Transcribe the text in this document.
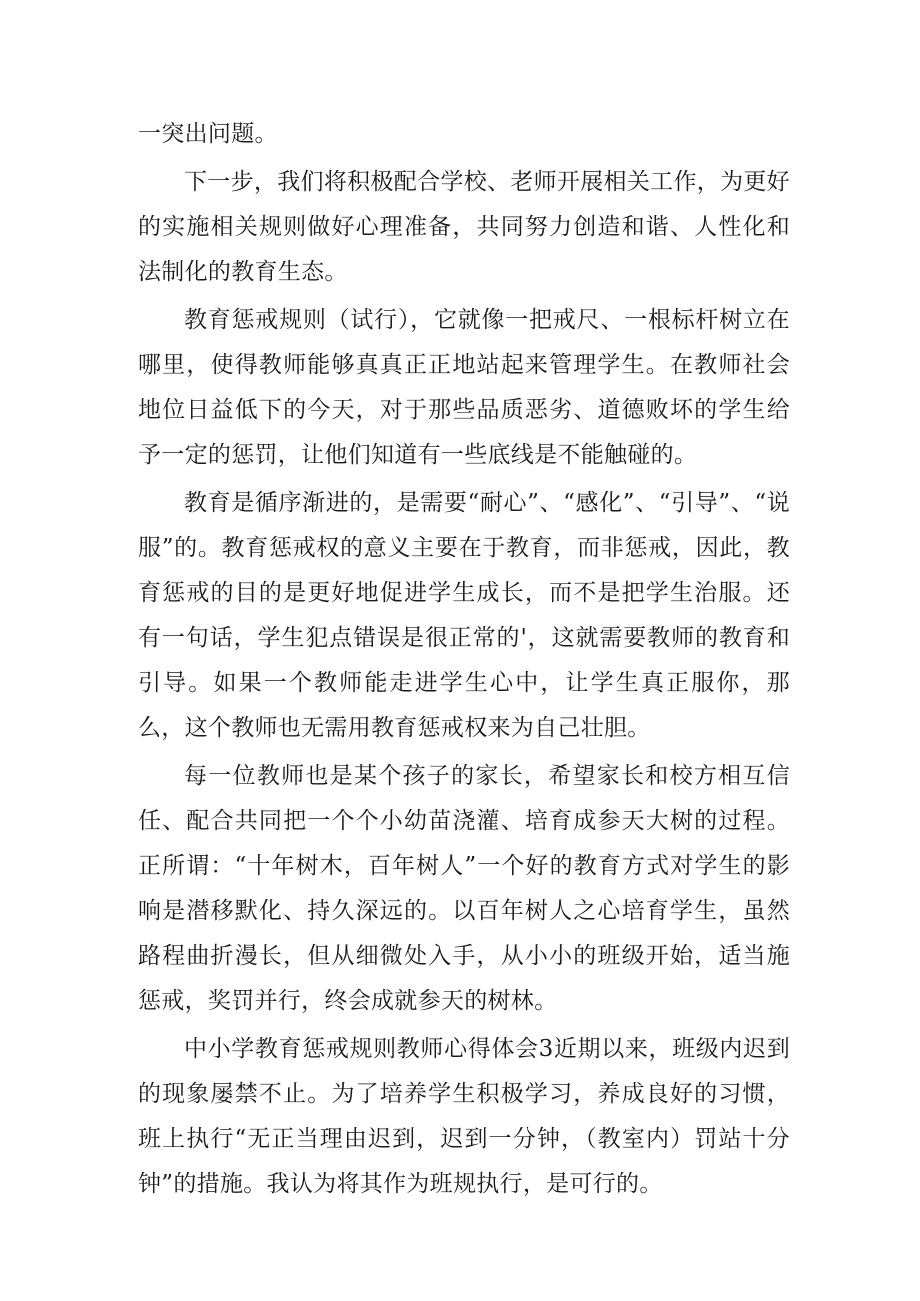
一突出问题。

下一步，我们将积极配合学校、老师开展相关工作，为更好的实施相关规则做好心理准备，共同努力创造和谐、人性化和法制化的教育生态。

教育惩戒规则（试行），它就像一把戒尺、一根标杆树立在哪里，使得教师能够真真正正地站起来管理学生。在教师社会地位日益低下的今天，对于那些品质恶劣、道德败坏的学生给予一定的惩罚，让他们知道有一些底线是不能触碰的。

教育是循序渐进的，是需要“耐心”、“感化”、“引导”、“说服”的。教育惩戒权的意义主要在于教育，而非惩戒，因此，教育惩戒的目的是更好地促进学生成长，而不是把学生治服。还有一句话，学生犯点错误是很正常的'，这就需要教师的教育和引导。如果一个教师能走进学生心中，让学生真正服你，那么，这个教师也无需用教育惩戒权来为自己壮胆。

每一位教师也是某个孩子的家长，希望家长和校方相互信任、配合共同把一个个小幼苗浇灌、培育成参天大树的过程。正所谓：“十年树木，百年树人”一个好的教育方式对学生的影响是潜移默化、持久深远的。以百年树人之心培育学生，虽然路程曲折漫长，但从细微处入手，从小小的班级开始，适当施惩戒，奖罚并行，终会成就参天的树林。

中小学教育惩戒规则教师心得体会3近期以来，班级内迟到的现象屡禁不止。为了培养学生积极学习，养成良好的习惯，班上执行“无正当理由迟到，迟到一分钟，（教室内）罚站十分钟”的措施。我认为将其作为班规执行，是可行的。
